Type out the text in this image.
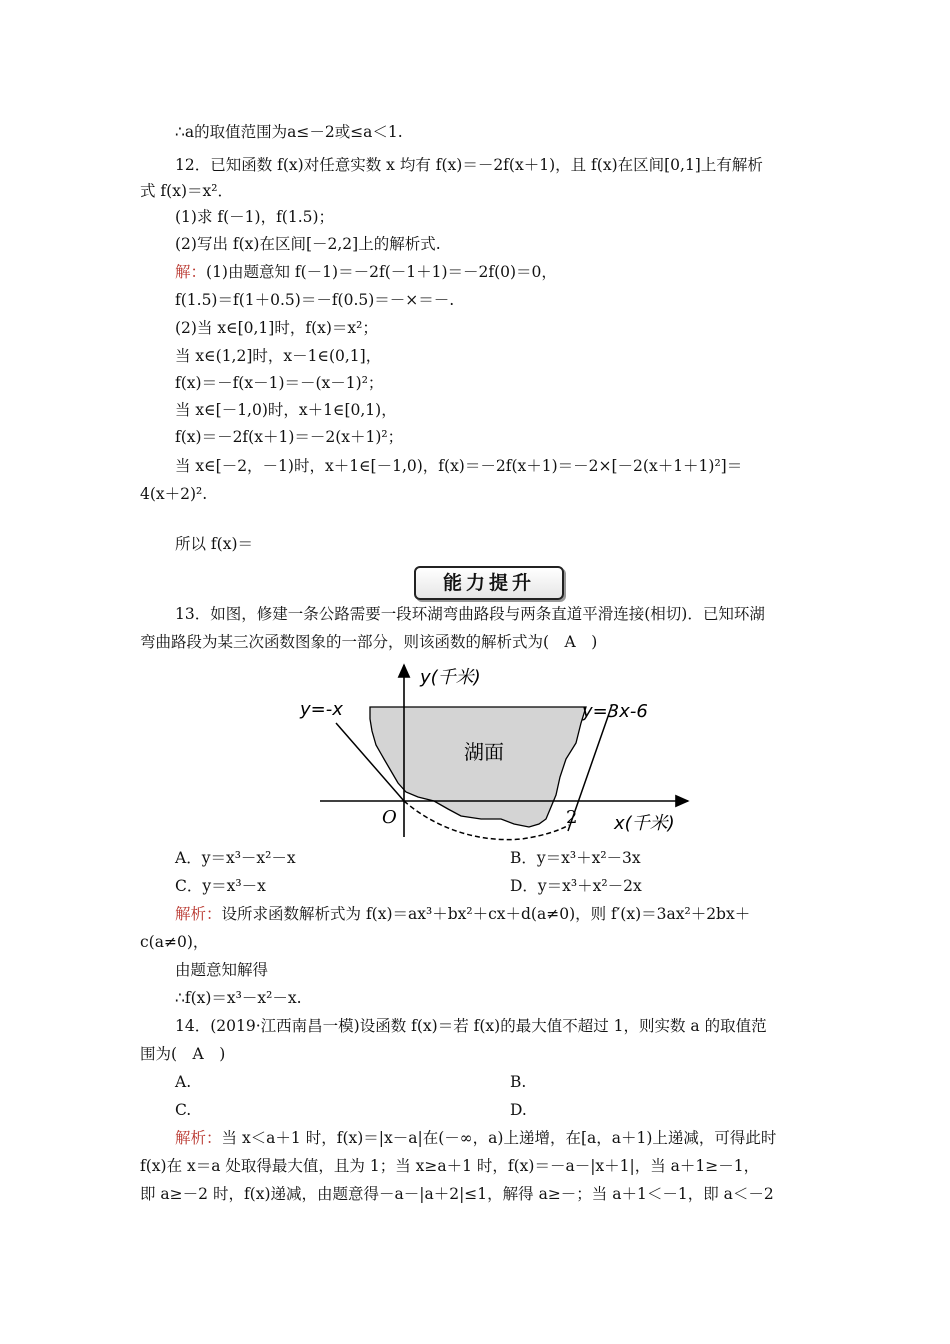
∴a的取值范围为a≤－2或≤a＜1.
12．已知函数 f(x)对任意实数 x 均有 f(x)＝－2f(x＋1)，且 f(x)在区间[0,1]上有解析
式 f(x)＝x²．
(1)求 f(－1)，f(1.5)；
(2)写出 f(x)在区间[－2,2]上的解析式.
解：(1)由题意知 f(－1)＝－2f(－1＋1)＝－2f(0)＝0，
f(1.5)＝f(1＋0.5)＝－f(0.5)＝－×＝－.
(2)当 x∈[0,1]时，f(x)＝x²；
当 x∈(1,2]时，x－1∈(0,1]，
f(x)＝－f(x－1)＝－(x－1)²；
当 x∈[－1,0)时，x＋1∈[0,1)，
f(x)＝－2f(x＋1)＝－2(x＋1)²；
当 x∈[－2，－1)时，x＋1∈[－1,0)，f(x)＝－2f(x＋1)＝－2×[－2(x＋1＋1)²]＝
4(x＋2)².
所以 f(x)＝
能力提升
13．如图，修建一条公路需要一段环湖弯曲路段与两条直道平滑连接(相切)．已知环湖
弯曲路段为某三次函数图象的一部分，则该函数的解析式为(　A　)
y(千米)
x(千米)
y=-x	y=3x-6
湖面
O	2
A．y＝x³－x²－x	B．y＝x³＋x²－3x
C．y＝x³－x	D．y＝x³＋x²－2x
解析：设所求函数解析式为 f(x)＝ax³＋bx²＋cx＋d(a≠0)，则 f′(x)＝3ax²＋2bx＋
c(a≠0)，
由题意知解得
∴f(x)＝x³－x²－x.
14．(2019·江西南昌一模)设函数 f(x)＝若 f(x)的最大值不超过 1，则实数 a 的取值范
围为(　A　)
A.	B.
C.	D.
解析：当 x＜a＋1 时，f(x)＝|x－a|在(－∞，a)上递增，在[a，a＋1)上递减，可得此时
f(x)在 x＝a 处取得最大值，且为 1；当 x≥a＋1 时，f(x)＝－a－|x＋1|，当 a＋1≥－1，
即 a≥－2 时，f(x)递减，由题意得－a－|a＋2|≤1，解得 a≥－；当 a＋1＜－1，即 a＜－2
